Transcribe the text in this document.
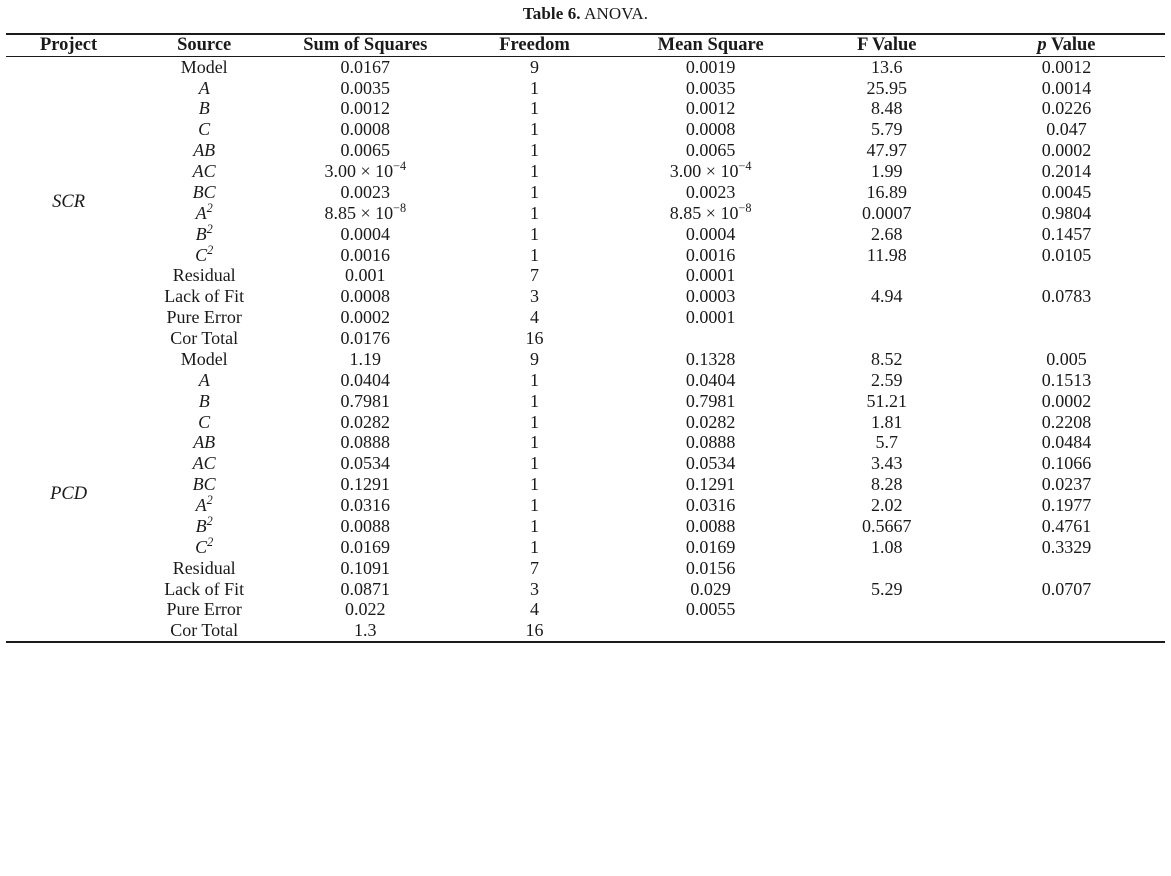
Table 6. ANOVA.

Project	Source	Sum of Squares	Freedom	Mean Square	F Value	p Value

SCR	Model	0.0167	9	0.0019	13.6	0.0012
	A	0.0035	1	0.0035	25.95	0.0014
	B	0.0012	1	0.0012	8.48	0.0226
	C	0.0008	1	0.0008	5.79	0.047
	AB	0.0065	1	0.0065	47.97	0.0002
	AC	$3.00 \times 10^{-4}$	1	$3.00 \times 10^{-4}$	1.99	0.2014
	BC	0.0023	1	0.0023	16.89	0.0045
	$A^2$	$8.85 \times 10^{-8}$	1	$8.85 \times 10^{-8}$	0.0007	0.9804
	$B^2$	0.0004	1	0.0004	2.68	0.1457
	$C^2$	0.0016	1	0.0016	11.98	0.0105
	Residual	0.001	7	0.0001		
	Lack of Fit	0.0008	3	0.0003	4.94	0.0783
	Pure Error	0.0002	4	0.0001		
	Cor Total	0.0176	16			
PCD	Model	1.19	9	0.1328	8.52	0.005
	A	0.0404	1	0.0404	2.59	0.1513
	B	0.7981	1	0.7981	51.21	0.0002
	C	0.0282	1	0.0282	1.81	0.2208
	AB	0.0888	1	0.0888	5.7	0.0484
	AC	0.0534	1	0.0534	3.43	0.1066
	BC	0.1291	1	0.1291	8.28	0.0237
	$A^2$	0.0316	1	0.0316	2.02	0.1977
	$B^2$	0.0088	1	0.0088	0.5667	0.4761
	$C^2$	0.0169	1	0.0169	1.08	0.3329
	Residual	0.1091	7	0.0156		
	Lack of Fit	0.0871	3	0.029	5.29	0.0707
	Pure Error	0.022	4	0.0055		
	Cor Total	1.3	16			
